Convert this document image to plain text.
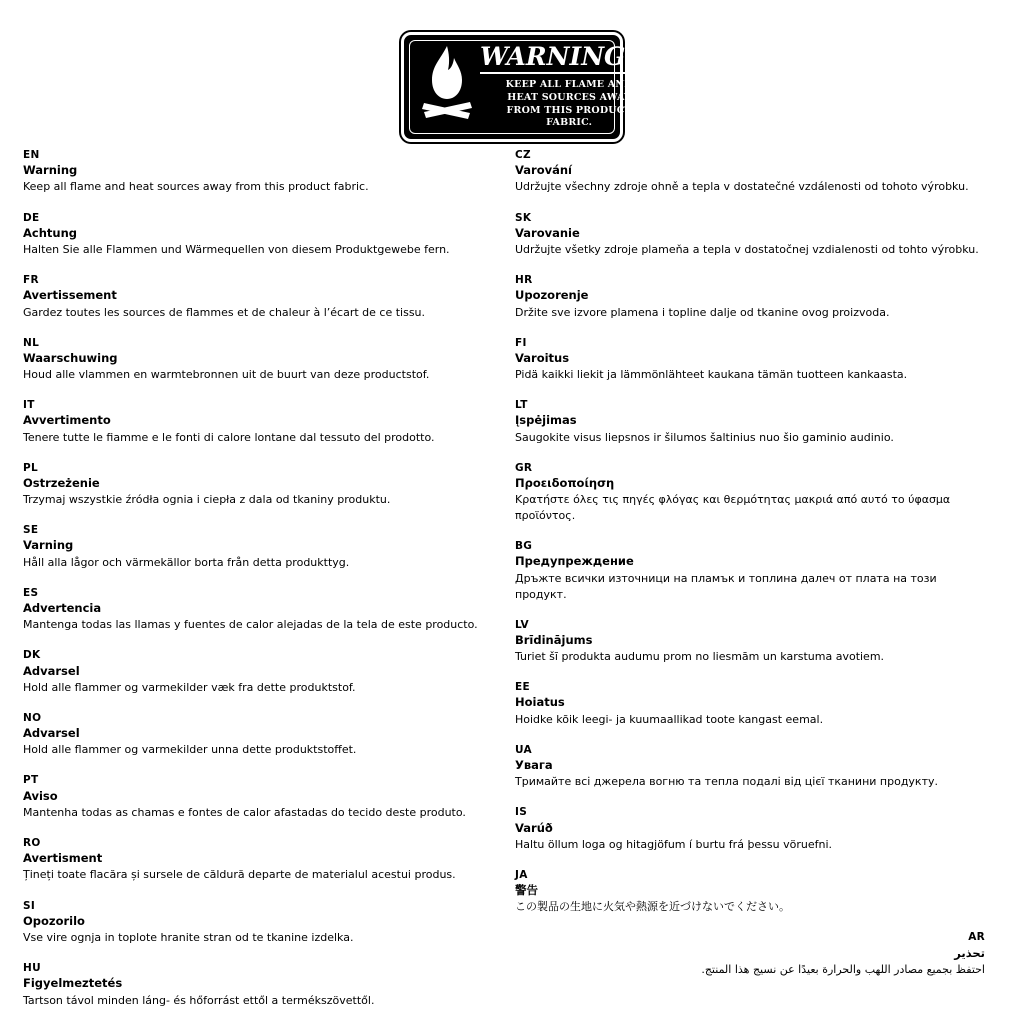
WARNING!!!
KEEP ALL FLAME AND
HEAT SOURCES AWAY
FROM THIS PRODUCT
FABRIC.
EN
Warning
Keep all flame and heat sources away from this product fabric.
DE
Achtung
Halten Sie alle Flammen und Wärmequellen von diesem Produktgewebe fern.
FR
Avertissement
Gardez toutes les sources de flammes et de chaleur à l’écart de ce tissu.
NL
Waarschuwing
Houd alle vlammen en warmtebronnen uit de buurt van deze productstof.
IT
Avvertimento
Tenere tutte le fiamme e le fonti di calore lontane dal tessuto del prodotto.
PL
Ostrzeżenie
Trzymaj wszystkie źródła ognia i ciepła z dala od tkaniny produktu.
SE
Varning
Håll alla lågor och värmekällor borta från detta produkttyg.
ES
Advertencia
Mantenga todas las llamas y fuentes de calor alejadas de la tela de este producto.
DK
Advarsel
Hold alle flammer og varmekilder væk fra dette produktstof.
NO
Advarsel
Hold alle flammer og varmekilder unna dette produktstoffet.
PT
Aviso
Mantenha todas as chamas e fontes de calor afastadas do tecido deste produto.
RO
Avertisment
Țineți toate flacăra și sursele de căldură departe de materialul acestui produs.
SI
Opozorilo
Vse vire ognja in toplote hranite stran od te tkanine izdelka.
HU
Figyelmeztetés
Tartson távol minden láng- és hőforrást ettől a termékszövettől.
CZ
Varování
Udržujte všechny zdroje ohně a tepla v dostatečné vzdálenosti od tohoto výrobku.
SK
Varovanie
Udržujte všetky zdroje plameňa a tepla v dostatočnej vzdialenosti od tohto výrobku.
HR
Upozorenje
Držite sve izvore plamena i topline dalje od tkanine ovog proizvoda.
FI
Varoitus
Pidä kaikki liekit ja lämmönlähteet kaukana tämän tuotteen kankaasta.
LT
Įspėjimas
Saugokite visus liepsnos ir šilumos šaltinius nuo šio gaminio audinio.
GR
Προειδοποίηση
Κρατήστε όλες τις πηγές φλόγας και θερμότητας μακριά από αυτό το ύφασμα προϊόντος.
BG
Предупреждение
Дръжте всички източници на пламък и топлина далеч от плата на този продукт.
LV
Brīdinājums
Turiet šī produkta audumu prom no liesmām un karstuma avotiem.
EE
Hoiatus
Hoidke kõik leegi- ja kuumaallikad toote kangast eemal.
UA
Увага
Тримайте всі джерела вогню та тепла подалі від цієї тканини продукту.
IS
Varúð
Haltu öllum loga og hitagjöfum í burtu frá þessu vöruefni.
JA
警告
この製品の生地に火気や熱源を近づけないでください。
AR
تحذير
احتفظ بجميع مصادر اللهب والحرارة بعيدًا عن نسيج هذا المنتج.
